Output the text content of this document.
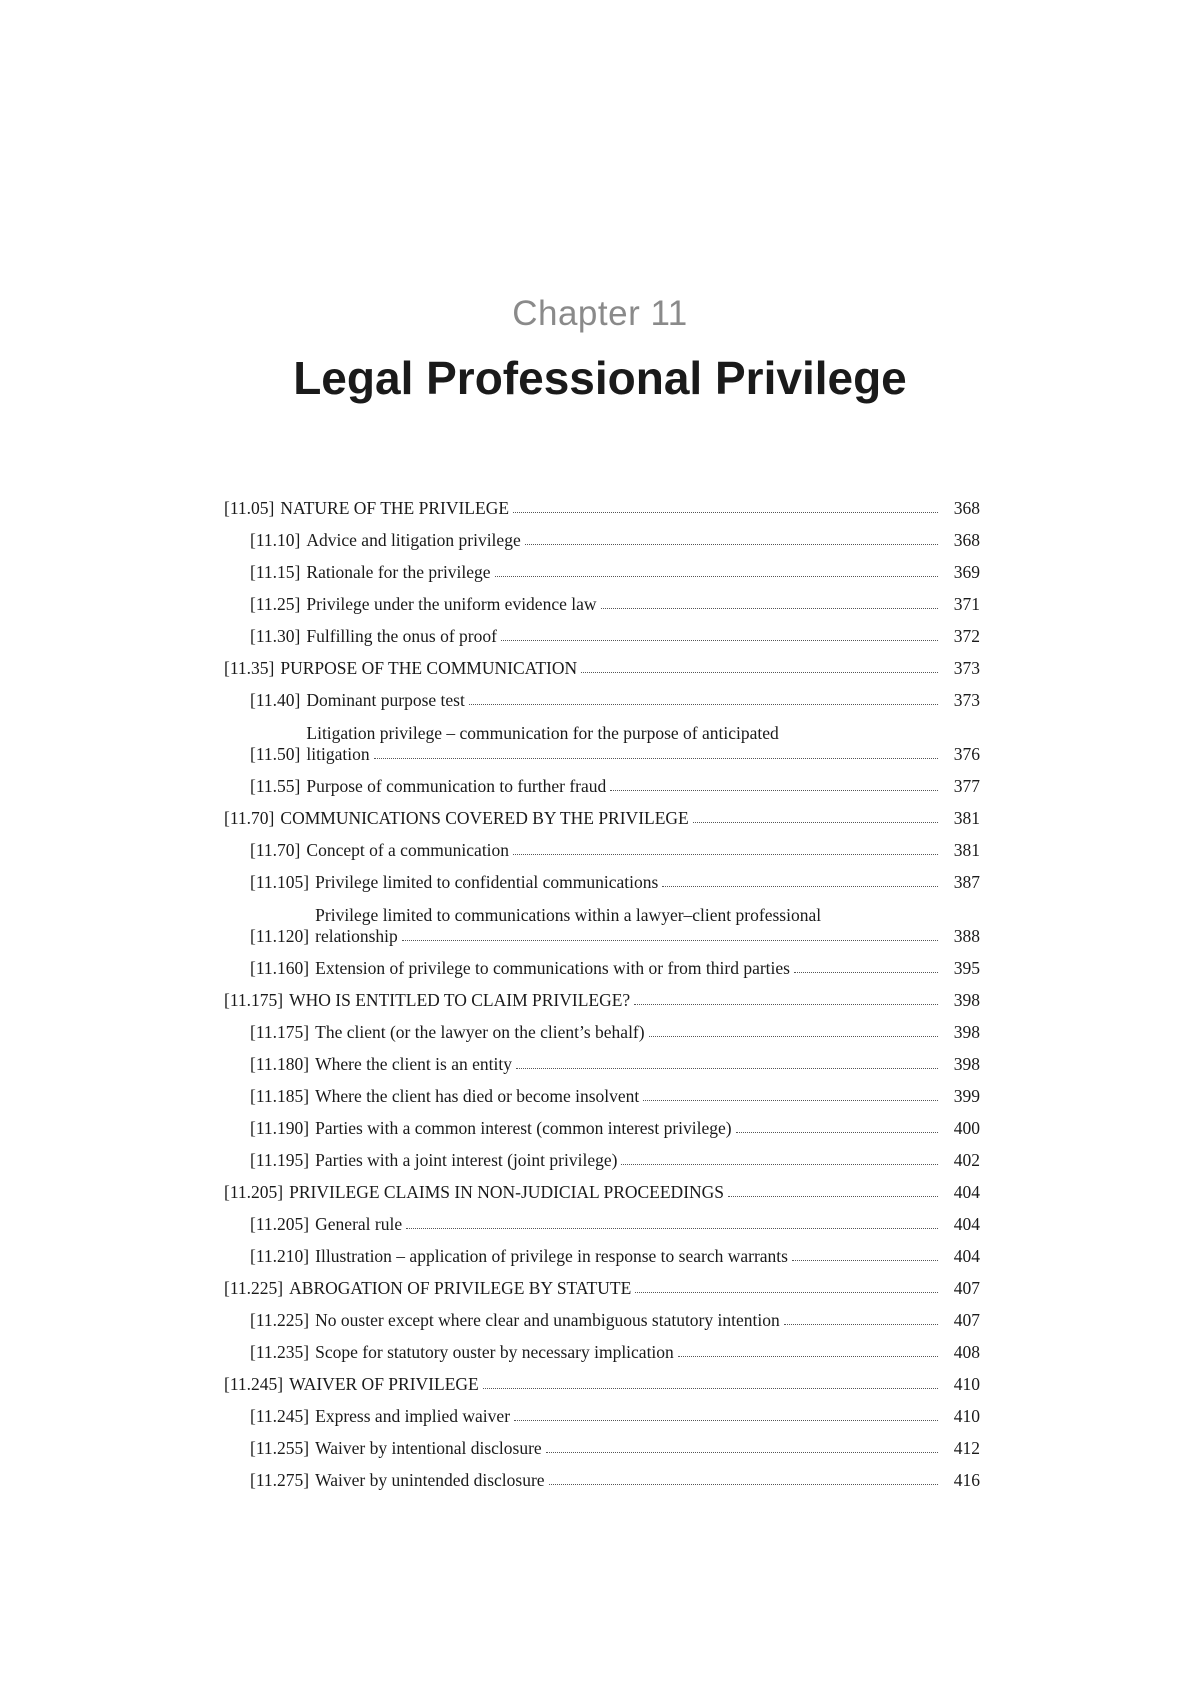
Chapter 11
Legal Professional Privilege
[11.05] NATURE OF THE PRIVILEGE	368
[11.10] Advice and litigation privilege	368
[11.15] Rationale for the privilege	369
[11.25] Privilege under the uniform evidence law	371
[11.30] Fulfilling the onus of proof	372
[11.35] PURPOSE OF THE COMMUNICATION	373
[11.40] Dominant purpose test	373
[11.50]
Litigation privilege – communication for the purpose of anticipated
litigation	376
[11.55] Purpose of communication to further fraud	377
[11.70] COMMUNICATIONS COVERED BY THE PRIVILEGE	381
[11.70] Concept of a communication	381
[11.105] Privilege limited to confidential communications	387
[11.120]
Privilege limited to communications within a lawyer–client professional
relationship	388
[11.160] Extension of privilege to communications with or from third parties	395
[11.175] WHO IS ENTITLED TO CLAIM PRIVILEGE?	398
[11.175] The client (or the lawyer on the client’s behalf)	398
[11.180] Where the client is an entity	398
[11.185] Where the client has died or become insolvent	399
[11.190] Parties with a common interest (common interest privilege)	400
[11.195] Parties with a joint interest (joint privilege)	402
[11.205] PRIVILEGE CLAIMS IN NON-JUDICIAL PROCEEDINGS	404
[11.205] General rule	404
[11.210] Illustration – application of privilege in response to search warrants	404
[11.225] ABROGATION OF PRIVILEGE BY STATUTE	407
[11.225] No ouster except where clear and unambiguous statutory intention	407
[11.235] Scope for statutory ouster by necessary implication	408
[11.245] WAIVER OF PRIVILEGE	410
[11.245] Express and implied waiver	410
[11.255] Waiver by intentional disclosure	412
[11.275] Waiver by unintended disclosure	416
